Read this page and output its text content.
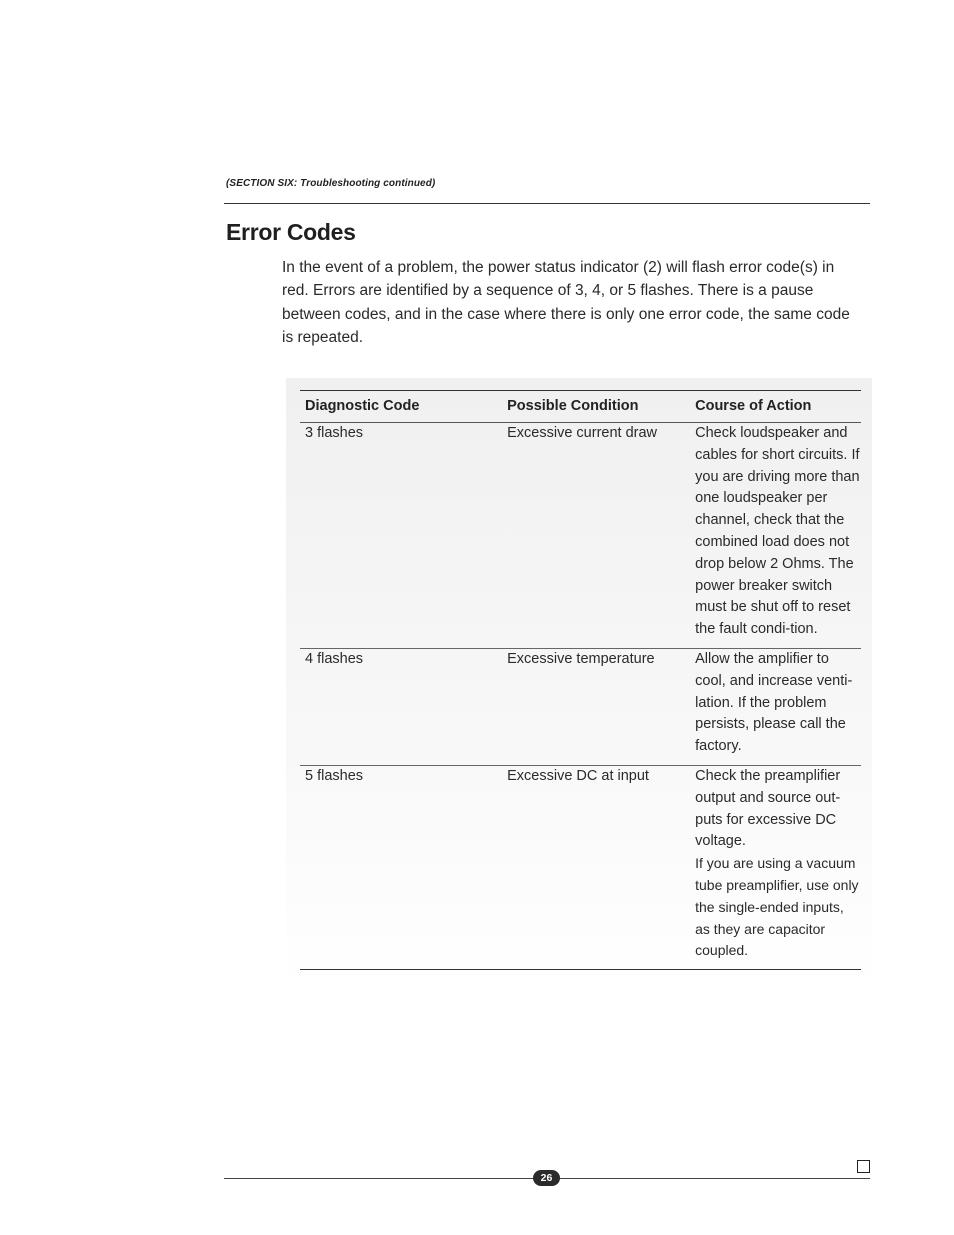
(SECTION SIX: Troubleshooting continued)
Error Codes

In the event of a problem, the power status indicator (2) will flash error code(s) in red. Errors are identified by a sequence of 3, 4, or 5 flashes. There is a pause between codes, and in the case where there is only one error code, the same code is repeated.

Diagnostic Code	Possible Condition	Course of Action
3 flashes	Excessive current draw	Check loudspeaker and cables for short circuits. If you are driving more than one loudspeaker per channel, check that the combined load does not drop below 2 Ohms. The power breaker switch must be shut off to reset the fault condi-tion.
4 flashes	Excessive temperature	Allow the amplifier to cool, and increase venti-lation. If the problem persists, please call the factory.
5 flashes	Excessive DC at input	Check the preamplifier output and source out-puts for excessive DC voltage.
If you are using a vacuum tube preamplifier, use only the single-ended inputs, as they are capacitor coupled.
26
